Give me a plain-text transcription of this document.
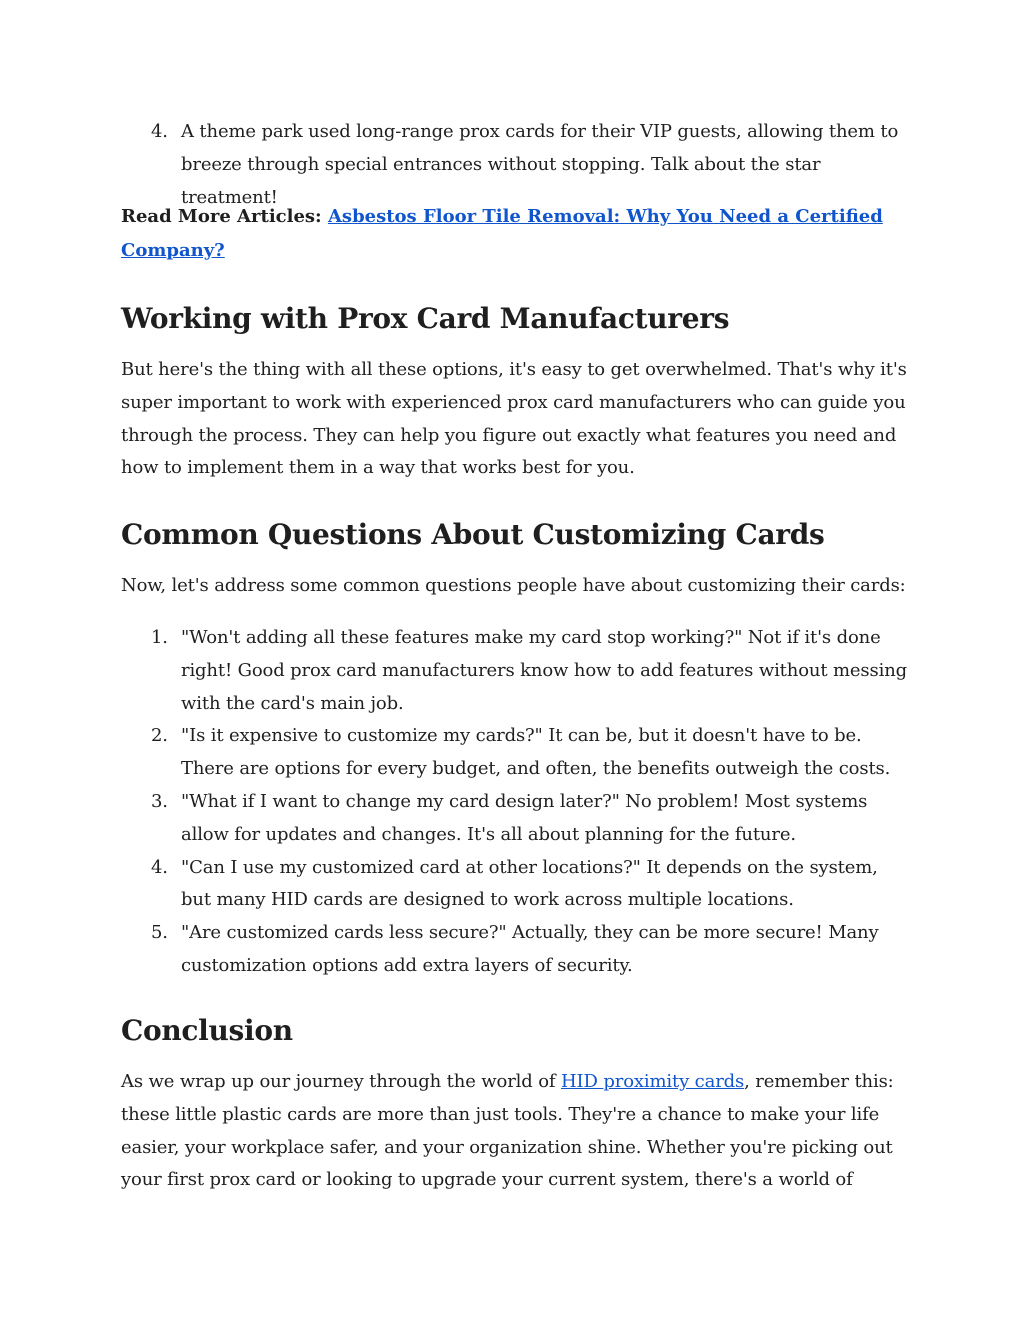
4. A theme park used long-range prox cards for their VIP guests, allowing them to breeze through special entrances without stopping. Talk about the star treatment!

Read More Articles: Asbestos Floor Tile Removal: Why You Need a Certified Company?

Working with Prox Card Manufacturers

But here's the thing with all these options, it's easy to get overwhelmed. That's why it's super important to work with experienced prox card manufacturers who can guide you through the process. They can help you figure out exactly what features you need and how to implement them in a way that works best for you.

Common Questions About Customizing Cards

Now, let's address some common questions people have about customizing their cards:

1. "Won't adding all these features make my card stop working?" Not if it's done right! Good prox card manufacturers know how to add features without messing with the card's main job.
2. "Is it expensive to customize my cards?" It can be, but it doesn't have to be. There are options for every budget, and often, the benefits outweigh the costs.
3. "What if I want to change my card design later?" No problem! Most systems allow for updates and changes. It's all about planning for the future.
4. "Can I use my customized card at other locations?" It depends on the system, but many HID cards are designed to work across multiple locations.
5. "Are customized cards less secure?" Actually, they can be more secure! Many customization options add extra layers of security.
Conclusion

As we wrap up our journey through the world of HID proximity cards, remember this: these little plastic cards are more than just tools. They're a chance to make your life easier, your workplace safer, and your organization shine. Whether you're picking out your first prox card or looking to upgrade your current system, there's a world of
